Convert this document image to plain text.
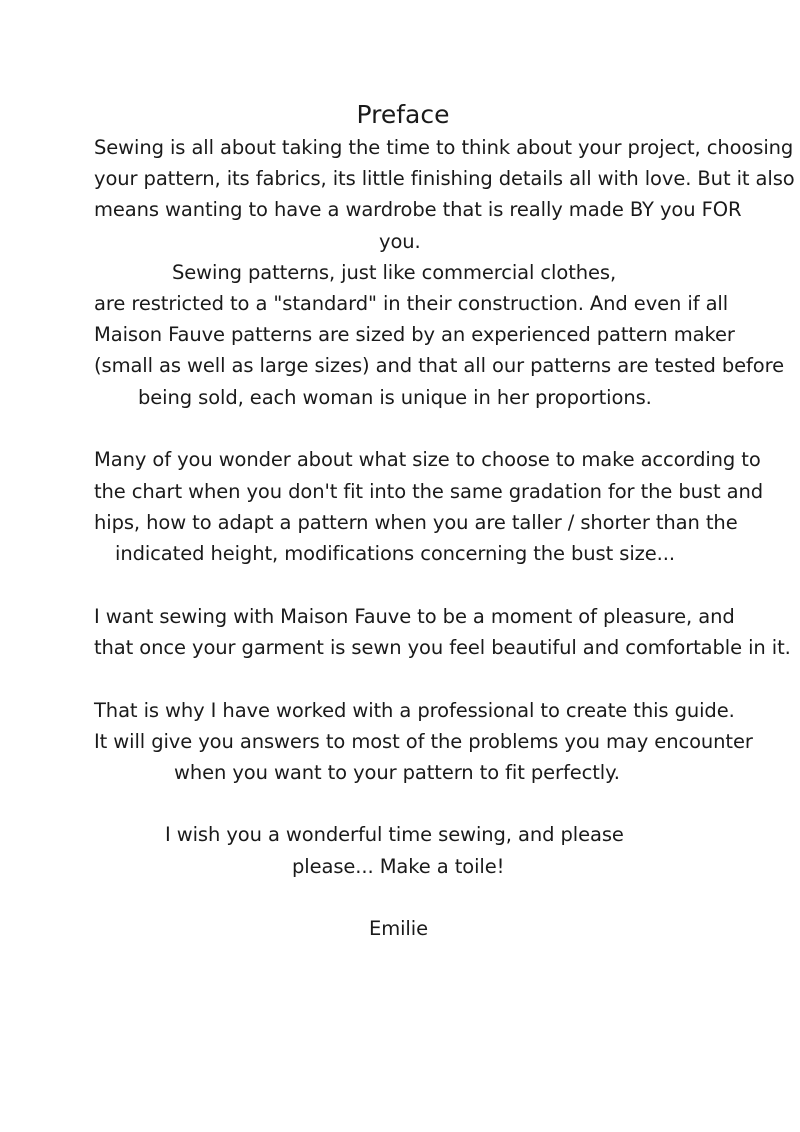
Preface
Sewing is all about taking the time to think about your project, choosing
your pattern, its fabrics, its little finishing details all with love. But it also
means wanting to have a wardrobe that is really made BY you FOR
you.
Sewing patterns, just like commercial clothes,
are restricted to a "standard" in their construction. And even if all
Maison Fauve patterns are sized by an experienced pattern maker
(small as well as large sizes) and that all our patterns are tested before
being sold, each woman is unique in her proportions.
Many of you wonder about what size to choose to make according to
the chart when you don't fit into the same gradation for the bust and
hips, how to adapt a pattern when you are taller / shorter than the
indicated height, modifications concerning the bust size...
I want sewing with Maison Fauve to be a moment of pleasure, and
that once your garment is sewn you feel beautiful and comfortable in it.
That is why I have worked with a professional to create this guide.
It will give you answers to most of the problems you may encounter
when you want to your pattern to fit perfectly.
I wish you a wonderful time sewing, and please
please... Make a toile!
Emilie
